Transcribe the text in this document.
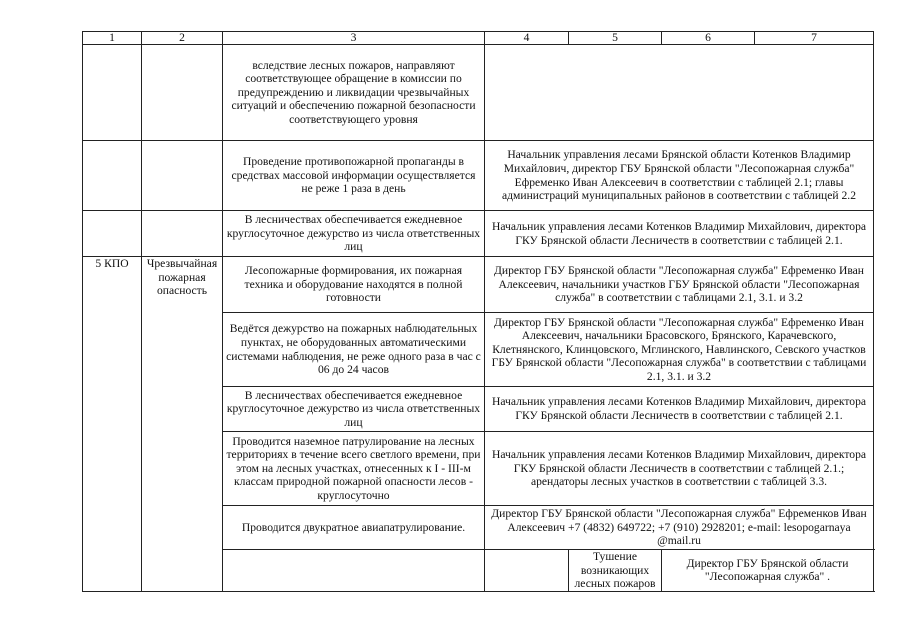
1	2	3	4	5	6	7
		вследствие лесных пожаров, направляют соответствующее обращение в комиссии по предупреждению и ликвидации чрезвычайных ситуаций и обеспечению пожарной безопасности соответствующего уровня				
		Проведение противопожарной пропаганды в средствах массовой информации осуществляется не реже 1 раза в день	Начальник управления лесами Брянской области Котенков Владимир Михайлович, директор ГБУ Брянской области "Лесопожарная служба" Ефременко Иван Алексеевич в соответствии с таблицей 2.1; главы администраций муниципальных районов в соответствии с таблицей 2.2			
		В лесничествах обеспечивается ежедневное круглосуточное дежурство из числа ответственных лиц	Начальник управления лесами Котенков Владимир Михайлович, директора ГКУ Брянской области Лесничеств в соответствии с таблицей 2.1.			
5 КПО	Чрезвычайная пожарная опасность	Лесопожарные формирования, их пожарная техника и оборудование находятся в полной готовности	Директор ГБУ Брянской области "Лесопожарная служба" Ефременко Иван Алексеевич, начальники участков ГБУ Брянской области "Лесопожарная служба" в соответствии с таблицами 2.1, 3.1. и 3.2			
		Ведётся дежурство на пожарных наблюдательных пунктах, не оборудованных автоматическими системами наблюдения, не реже одного раза в час с 06 до 24 часов	Директор ГБУ Брянской области "Лесопожарная служба" Ефременко Иван Алексеевич, начальники Брасовского, Брянского, Карачевского, Клетнянского, Клинцовского, Мглинского, Навлинского, Севского участков ГБУ Брянской области "Лесопожарная служба" в соответствии с таблицами 2.1, 3.1. и 3.2			
		В лесничествах обеспечивается ежедневное круглосуточное дежурство из числа ответственных лиц	Начальник управления лесами Котенков Владимир Михайлович, директора ГКУ Брянской области Лесничеств в соответствии с таблицей 2.1.			
		Проводится наземное патрулирование на лесных территориях в течение всего светлого времени, при этом на лесных участках, отнесенных к I - III-м классам природной пожарной опасности лесов - круглосуточно	Начальник управления лесами Котенков Владимир Михайлович, директора ГКУ Брянской области Лесничеств в соответствии с таблицей 2.1.; арендаторы лесных участков в соответствии с таблицей 3.3.			
		Проводится двукратное авиапатрулирование.	Директор ГБУ Брянской области "Лесопожарная служба" Ефременков Иван Алексеевич +7 (4832) 649722; +7 (910) 2928201; e-mail: lesopogarnaya @mail.ru			
				Тушение возникающих лесных пожаров	Директор ГБУ Брянской области "Лесопожарная служба" .	
